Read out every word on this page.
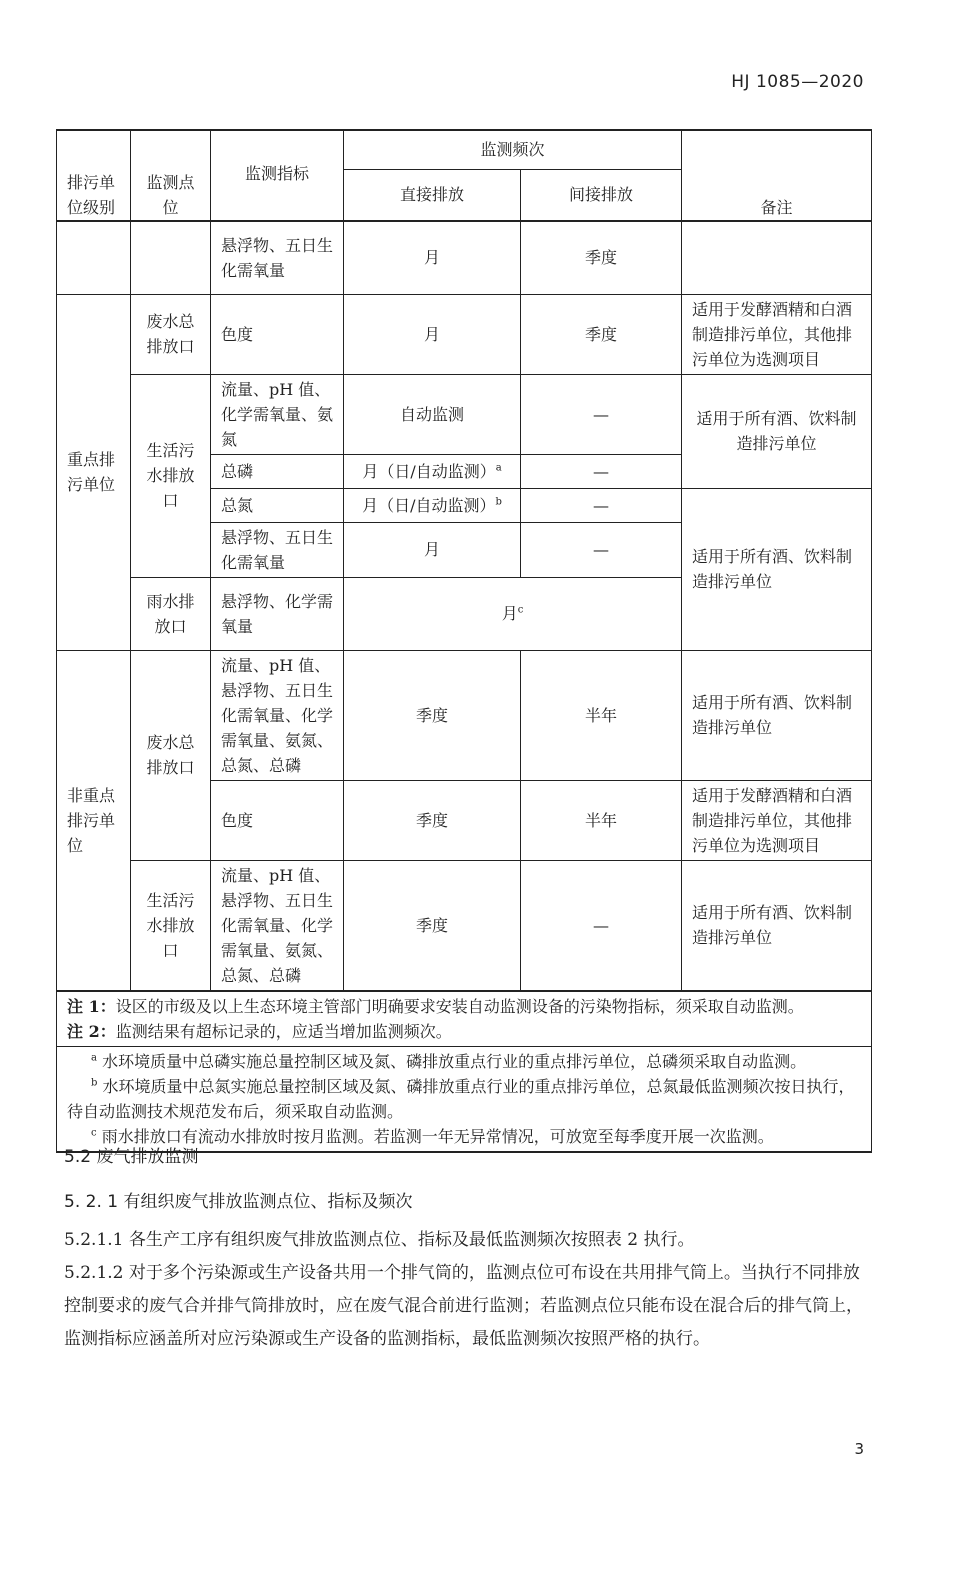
HJ 1085—2020
排污单位级别	监测点位	监测指标	监测频次		备注
			直接排放	间接排放	
		悬浮物、五日生化需氧量	月	季度	
重点排污单位	废水总排放口	色度	月	季度	适用于发酵酒精和白酒制造排污单位，其他排污单位为选测项目
	生活污水排放口	流量、pH 值、化学需氧量、氨氮	自动监测	—	适用于所有酒、饮料制造排污单位
		总磷	月（日/自动监测）$^a$	—	
		总氮	月（日/自动监测）$^b$	—	适用于所有酒、饮料制造排污单位
		悬浮物、五日生化需氧量	月	—	
	雨水排放口	悬浮物、化学需氧量	月$^c$
非重点排污单位	废水总排放口	流量、pH 值、悬浮物、五日生化需氧量、化学需氧量、氨氮、总氮、总磷	季度	半年	适用于所有酒、饮料制造排污单位
		色度	季度	半年	适用于发酵酒精和白酒制造排污单位，其他排污单位为选测项目
	生活污水排放口	流量、pH 值、悬浮物、五日生化需氧量、化学需氧量、氨氮、总氮、总磷	季度	—	适用于所有酒、饮料制造排污单位

注 1：设区的市级及以上生态环境主管部门明确要求安装自动监测设备的污染物指标，须采取自动监测。

注 2：监测结果有超标记录的，应适当增加监测频次。					

$^a$ 水环境质量中总磷实施总量控制区域及氮、磷排放重点行业的重点排污单位，总磷须采取自动监测。

$^b$ 水环境质量中总氮实施总量控制区域及氮、磷排放重点行业的重点排污单位，总氮最低监测频次按日执行，待自动监测技术规范发布后，须采取自动监测。

$^c$ 雨水排放口有流动水排放时按月监测。若监测一年无异常情况，可放宽至每季度开展一次监测。					

5.2 废气排放监测
5. 2. 1 有组织废气排放监测点位、指标及频次

5.2.1.1 各生产工序有组织废气排放监测点位、指标及最低监测频次按照表 2 执行。

5.2.1.2 对于多个污染源或生产设备共用一个排气筒的，监测点位可布设在共用排气筒上。当执行不同排放控制要求的废气合并排气筒排放时，应在废气混合前进行监测；若监测点位只能布设在混合后的排气筒上，监测指标应涵盖所对应污染源或生产设备的监测指标，最低监测频次按照严格的执行。

3
